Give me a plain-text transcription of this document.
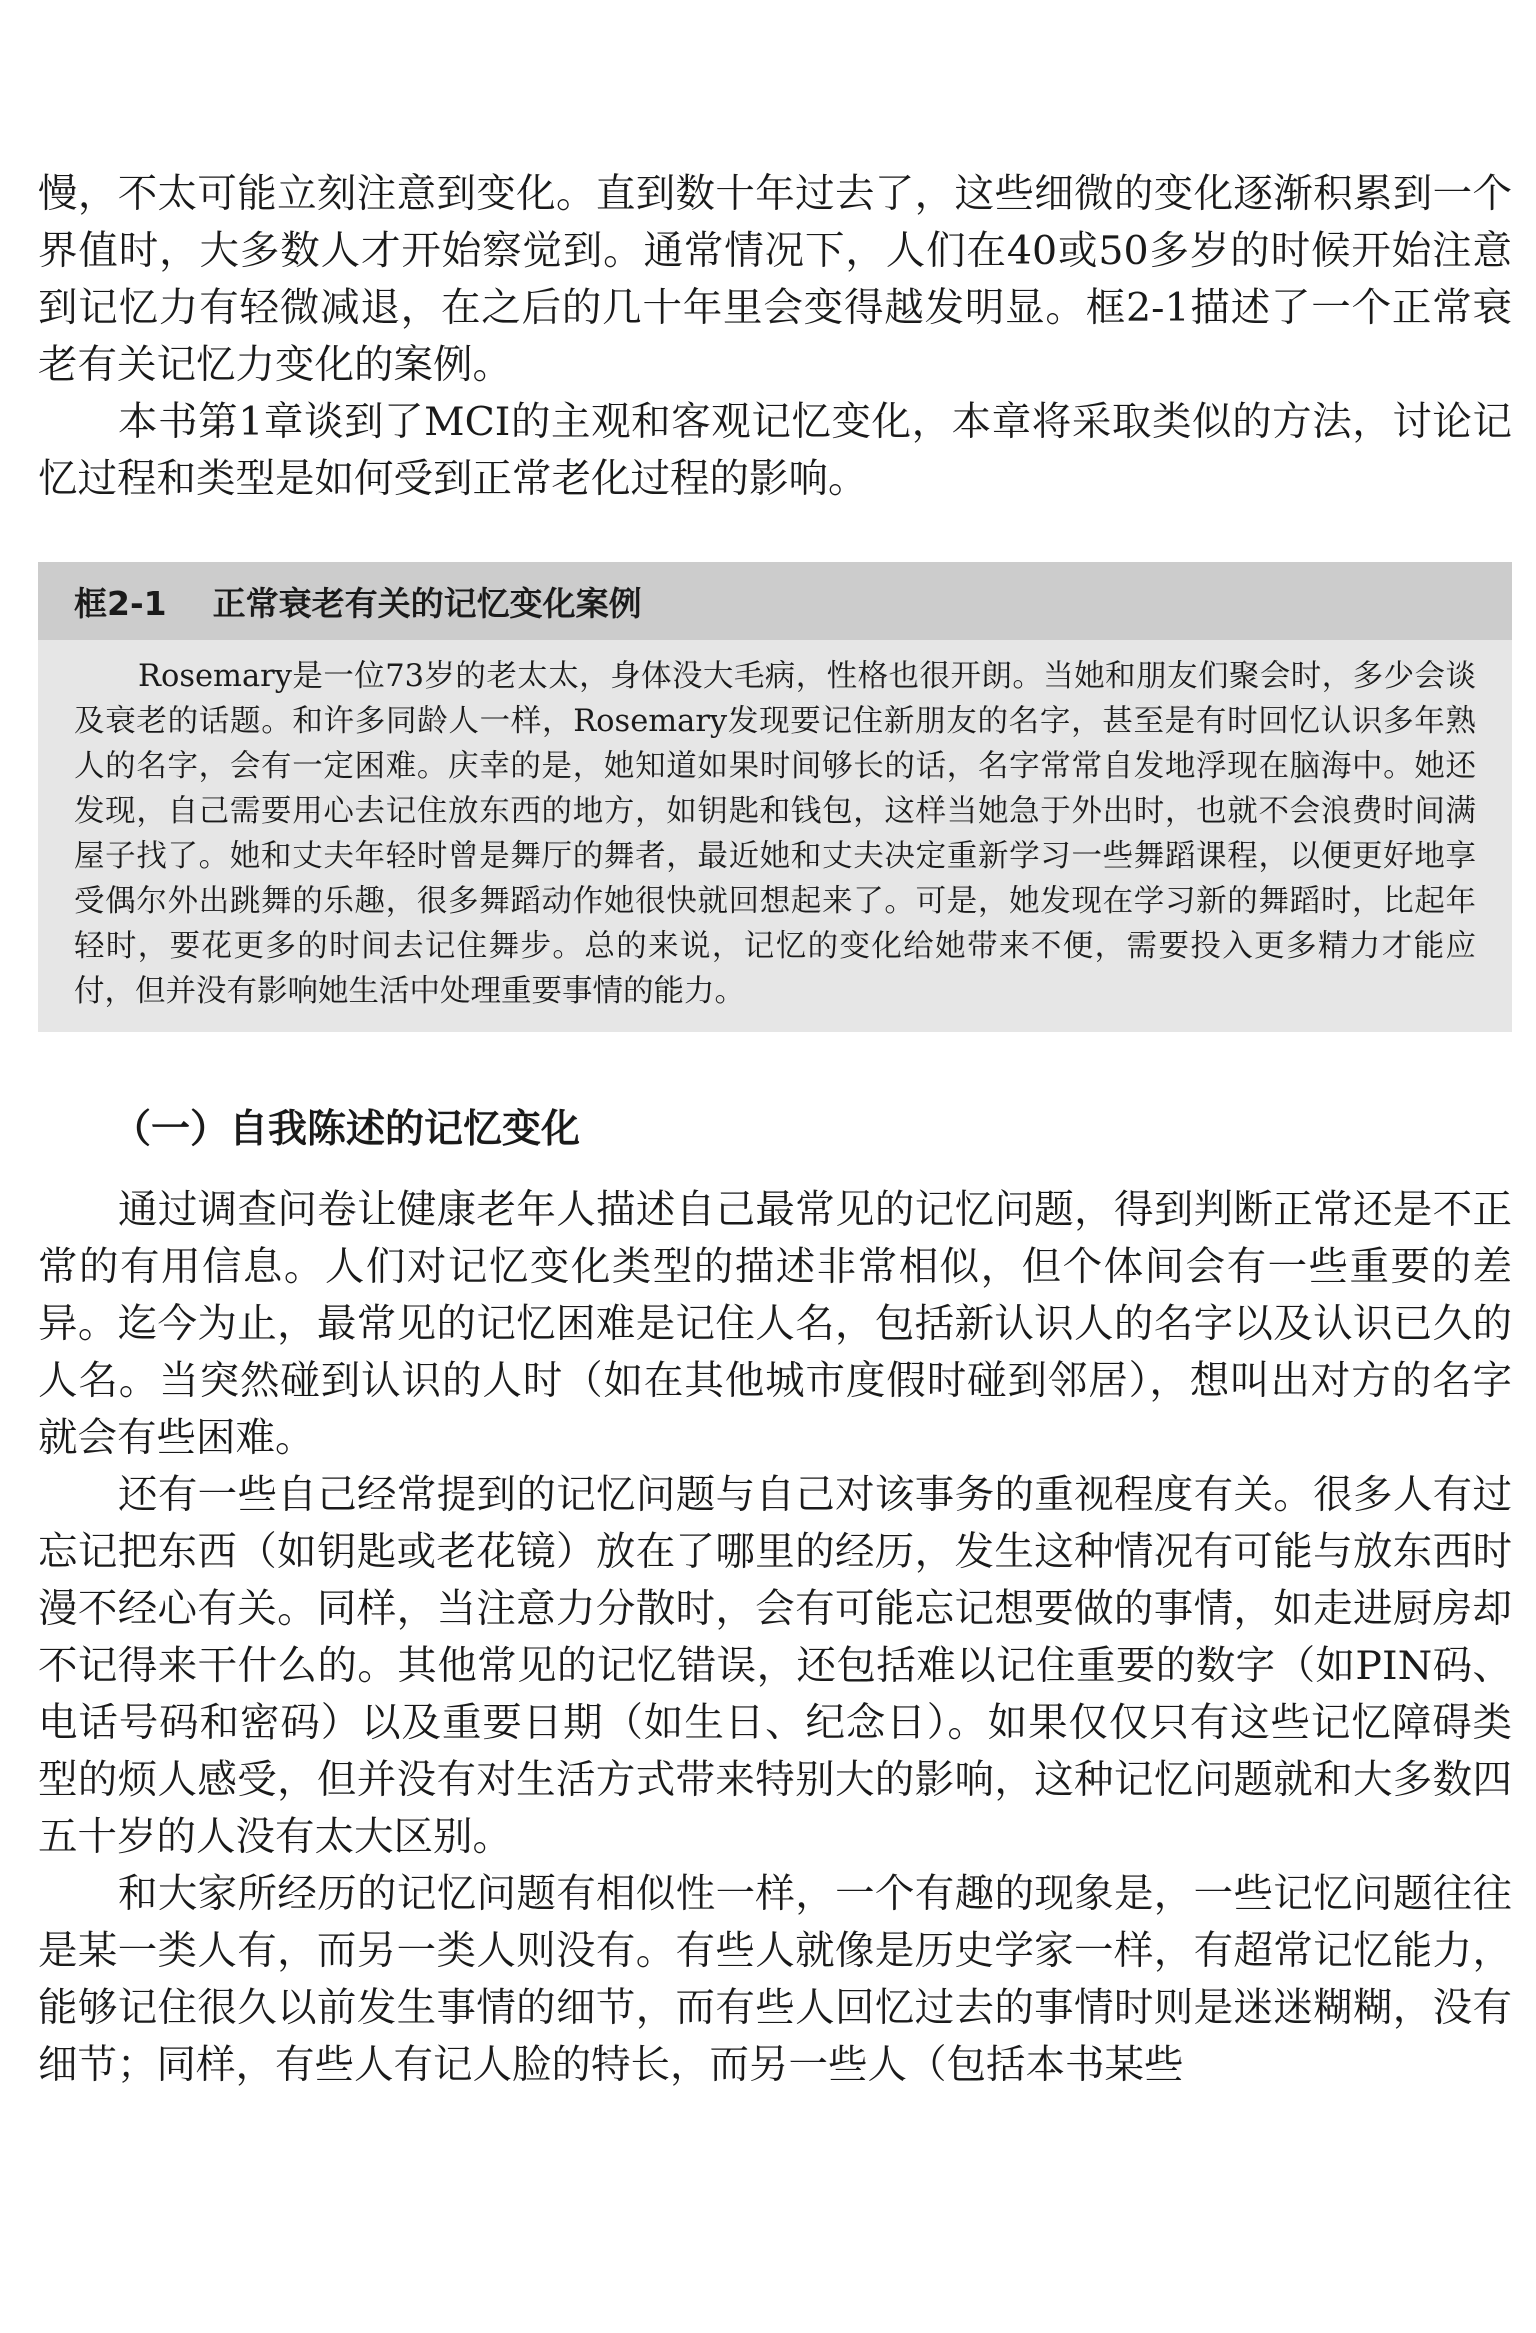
慢，不太可能立刻注意到变化。直到数十年过去了，这些细微的变化逐渐积累到一个界值时，大多数人才开始察觉到。通常情况下，人们在40或50多岁的时候开始注意到记忆力有轻微减退，在之后的几十年里会变得越发明显。框2-1描述了一个正常衰老有关记忆力变化的案例。

本书第1章谈到了MCI的主观和客观记忆变化，本章将采取类似的方法，讨论记忆过程和类型是如何受到正常老化过程的影响。

框2-1 正常衰老有关的记忆变化案例

Rosemary是一位73岁的老太太，身体没大毛病，性格也很开朗。当她和朋友们聚会时，多少会谈及衰老的话题。和许多同龄人一样，Rosemary发现要记住新朋友的名字，甚至是有时回忆认识多年熟人的名字，会有一定困难。庆幸的是，她知道如果时间够长的话，名字常常自发地浮现在脑海中。她还发现，自己需要用心去记住放东西的地方，如钥匙和钱包，这样当她急于外出时，也就不会浪费时间满屋子找了。她和丈夫年轻时曾是舞厅的舞者，最近她和丈夫决定重新学习一些舞蹈课程，以便更好地享受偶尔外出跳舞的乐趣，很多舞蹈动作她很快就回想起来了。可是，她发现在学习新的舞蹈时，比起年轻时，要花更多的时间去记住舞步。总的来说，记忆的变化给她带来不便，需要投入更多精力才能应付，但并没有影响她生活中处理重要事情的能力。

（一）自我陈述的记忆变化

通过调查问卷让健康老年人描述自己最常见的记忆问题，得到判断正常还是不正常的有用信息。人们对记忆变化类型的描述非常相似，但个体间会有一些重要的差异。迄今为止，最常见的记忆困难是记住人名，包括新认识人的名字以及认识已久的人名。当突然碰到认识的人时（如在其他城市度假时碰到邻居），想叫出对方的名字就会有些困难。

还有一些自己经常提到的记忆问题与自己对该事务的重视程度有关。很多人有过忘记把东西（如钥匙或老花镜）放在了哪里的经历，发生这种情况有可能与放东西时漫不经心有关。同样，当注意力分散时，会有可能忘记想要做的事情，如走进厨房却不记得来干什么的。其他常见的记忆错误，还包括难以记住重要的数字（如PIN码、电话号码和密码）以及重要日期（如生日、纪念日）。如果仅仅只有这些记忆障碍类型的烦人感受，但并没有对生活方式带来特别大的影响，这种记忆问题就和大多数四五十岁的人没有太大区别。

和大家所经历的记忆问题有相似性一样，一个有趣的现象是，一些记忆问题往往是某一类人有，而另一类人则没有。有些人就像是历史学家一样，有超常记忆能力，能够记住很久以前发生事情的细节，而有些人回忆过去的事情时则是迷迷糊糊，没有细节；同样，有些人有记人脸的特长，而另一些人（包括本书某些
